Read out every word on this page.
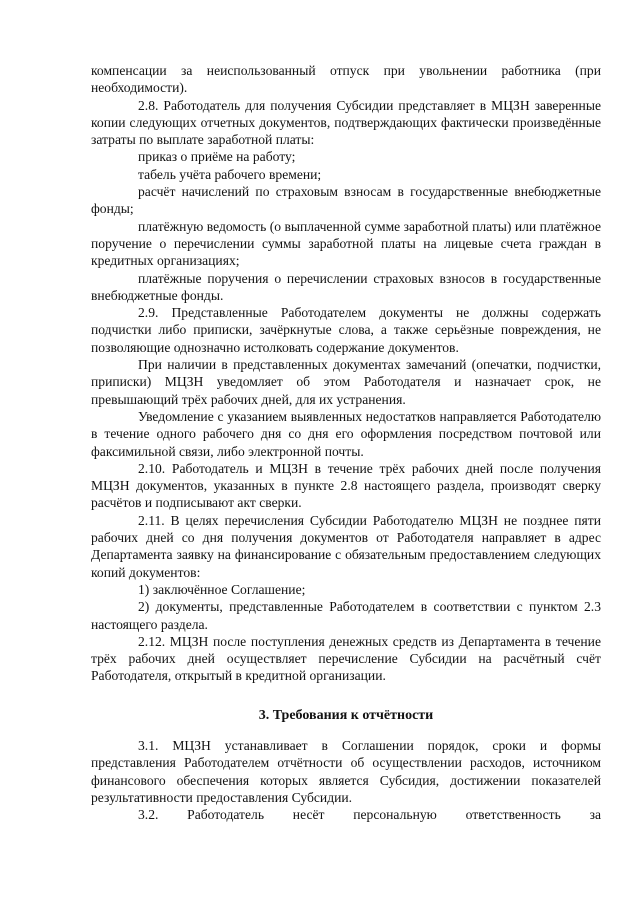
компенсации за неиспользованный отпуск при увольнении работника (при необходимости).

2.8. Работодатель для получения Субсидии представляет в МЦЗН заверенные копии следующих отчетных документов, подтверждающих фактически произведённые затраты по выплате заработной платы:

приказ о приёме на работу;

табель учёта рабочего времени;

расчёт начислений по страховым взносам в государственные внебюджетные фонды;

платёжную ведомость (о выплаченной сумме заработной платы) или платёжное поручение о перечислении суммы заработной платы на лицевые счета граждан в кредитных организациях;

платёжные поручения о перечислении страховых взносов в государственные внебюджетные фонды.

2.9. Представленные Работодателем документы не должны содержать подчистки либо приписки, зачёркнутые слова, а также серьёзные повреждения, не позволяющие однозначно истолковать содержание документов.

При наличии в представленных документах замечаний (опечатки, подчистки, приписки) МЦЗН уведомляет об этом Работодателя и назначает срок, не превышающий трёх рабочих дней, для их устранения.

Уведомление с указанием выявленных недостатков направляется Работодателю в течение одного рабочего дня со дня его оформления посредством почтовой или факсимильной связи, либо электронной почты.

2.10. Работодатель и МЦЗН в течение трёх рабочих дней после получения МЦЗН документов, указанных в пункте 2.8 настоящего раздела, производят сверку расчётов и подписывают акт сверки.

2.11. В целях перечисления Субсидии Работодателю МЦЗН не позднее пяти рабочих дней со дня получения документов от Работодателя направляет в адрес Департамента заявку на финансирование с обязательным предоставлением следующих копий документов:

1) заключённое Соглашение;

2) документы, представленные Работодателем в соответствии с пунктом 2.3 настоящего раздела.

2.12. МЦЗН после поступления денежных средств из Департамента в течение трёх рабочих дней осуществляет перечисление Субсидии на расчётный счёт Работодателя, открытый в кредитной организации.

3. Требования к отчётности

3.1. МЦЗН устанавливает в Соглашении порядок, сроки и формы представления Работодателем отчётности об осуществлении расходов, источником финансового обеспечения которых является Субсидия, достижении показателей результативности предоставления Субсидии.

3.2. Работодатель несёт персональную ответственность за
